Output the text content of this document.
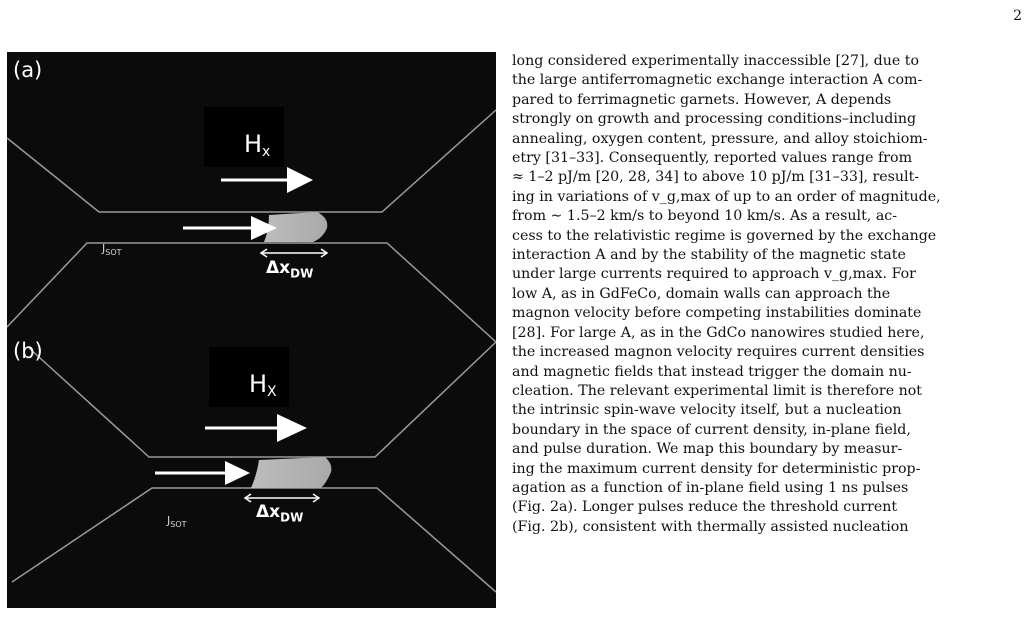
2
(a)
$H_x$
$J_{SOT}$
$\Delta x_{DW}$
(b)
$H_X$
$J_{SOT}$
$\Delta x_{DW}$
long considered experimentally inaccessible [27], due to
the large antiferromagnetic exchange interaction A com-
pared to ferrimagnetic garnets. However, A depends
strongly on growth and processing conditions–including
annealing, oxygen content, pressure, and alloy stoichiom-
etry [31–33]. Consequently, reported values range from
≈ 1–2 pJ/m [20, 28, 34] to above 10 pJ/m [31–33], result-
ing in variations of v_g,max of up to an order of magnitude,
from ∼ 1.5–2 km/s to beyond 10 km/s. As a result, ac-
cess to the relativistic regime is governed by the exchange
interaction A and by the stability of the magnetic state
under large currents required to approach v_g,max. For
low A, as in GdFeCo, domain walls can approach the
magnon velocity before competing instabilities dominate
[28]. For large A, as in the GdCo nanowires studied here,
the increased magnon velocity requires current densities
and magnetic fields that instead trigger the domain nu-
cleation. The relevant experimental limit is therefore not
the intrinsic spin-wave velocity itself, but a nucleation
boundary in the space of current density, in-plane field,
and pulse duration. We map this boundary by measur-
ing the maximum current density for deterministic prop-
agation as a function of in-plane field using 1 ns pulses
(Fig. 2a). Longer pulses reduce the threshold current
(Fig. 2b), consistent with thermally assisted nucleation
